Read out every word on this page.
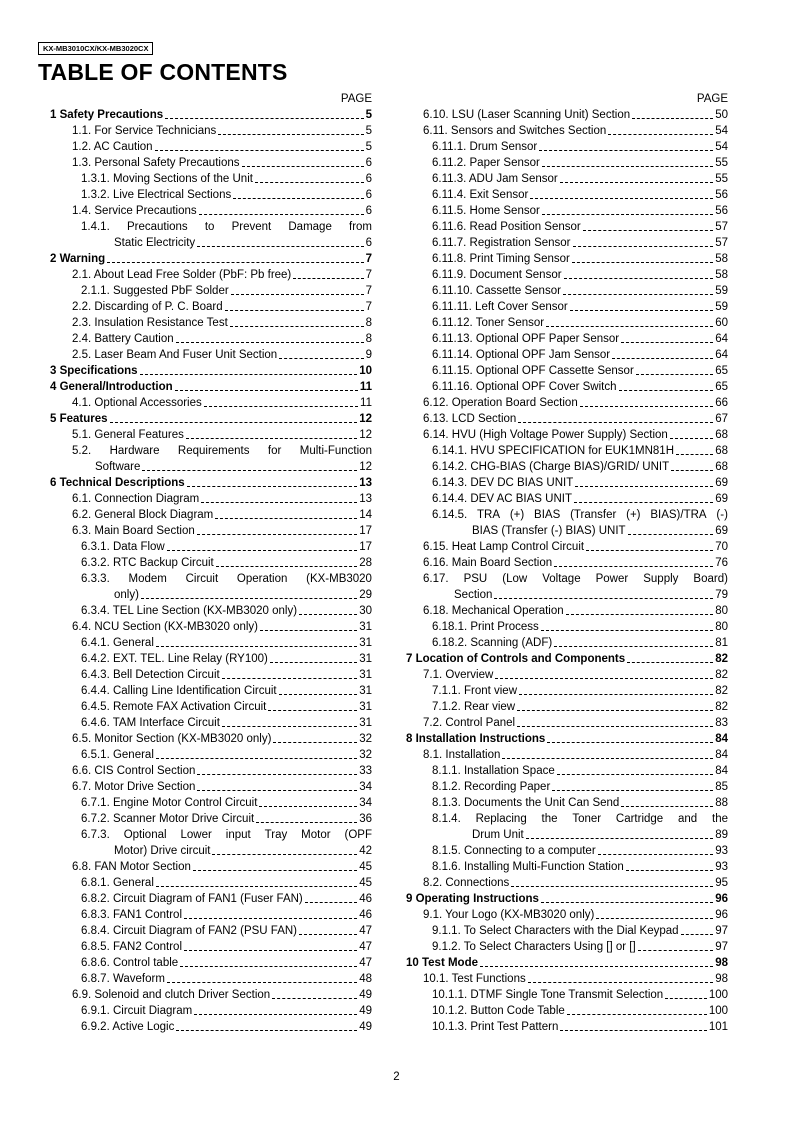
KX-MB3010CX/KX-MB3020CX
TABLE OF CONTENTS
PAGE
1 Safety Precautions	5
1.1. For Service Technicians	5
1.2. AC Caution	5
1.3. Personal Safety Precautions	6
1.3.1. Moving Sections of the Unit	6
1.3.2. Live Electrical Sections	6
1.4. Service Precautions	6
1.4.1. Precautions to Prevent Damage from
Static Electricity	6
2 Warning	7
2.1. About Lead Free Solder (PbF: Pb free)	7
2.1.1. Suggested PbF Solder	7
2.2. Discarding of P. C. Board	7
2.3. Insulation Resistance Test	8
2.4. Battery Caution	8
2.5. Laser Beam And Fuser Unit Section	9
3 Specifications	10
4 General/Introduction	11
4.1. Optional Accessories	11
5 Features	12
5.1. General Features	12
5.2. Hardware Requirements for Multi-Function
Software	12
6 Technical Descriptions	13
6.1. Connection Diagram	13
6.2. General Block Diagram	14
6.3. Main Board Section	17
6.3.1. Data Flow	17
6.3.2. RTC Backup Circuit	28
6.3.3. Modem Circuit Operation (KX-MB3020
only)	29
6.3.4. TEL Line Section (KX-MB3020 only)	30
6.4. NCU Section (KX-MB3020 only)	31
6.4.1. General	31
6.4.2. EXT. TEL. Line Relay (RY100)	31
6.4.3. Bell Detection Circuit	31
6.4.4. Calling Line Identification Circuit	31
6.4.5. Remote FAX Activation Circuit	31
6.4.6. TAM Interface Circuit	31
6.5. Monitor Section (KX-MB3020 only)	32
6.5.1. General	32
6.6. CIS Control Section	33
6.7. Motor Drive Section	34
6.7.1. Engine Motor Control Circuit	34
6.7.2. Scanner Motor Drive Circuit	36
6.7.3. Optional Lower input Tray Motor (OPF
Motor) Drive circuit	42
6.8. FAN Motor Section	45
6.8.1. General	45
6.8.2. Circuit Diagram of FAN1 (Fuser FAN)	46
6.8.3. FAN1 Control	46
6.8.4. Circuit Diagram of FAN2 (PSU FAN)	47
6.8.5. FAN2 Control	47
6.8.6. Control table	47
6.8.7. Waveform	48
6.9. Solenoid and clutch Driver Section	49
6.9.1. Circuit Diagram	49
6.9.2. Active Logic	49
PAGE
6.10. LSU (Laser Scanning Unit) Section	50
6.11. Sensors and Switches Section	54
6.11.1. Drum Sensor	54
6.11.2. Paper Sensor	55
6.11.3. ADU Jam Sensor	55
6.11.4. Exit Sensor	56
6.11.5. Home Sensor	56
6.11.6. Read Position Sensor	57
6.11.7. Registration Sensor	57
6.11.8. Print Timing Sensor	58
6.11.9. Document Sensor	58
6.11.10. Cassette Sensor	59
6.11.11. Left Cover Sensor	59
6.11.12. Toner Sensor	60
6.11.13. Optional OPF Paper Sensor	64
6.11.14. Optional OPF Jam Sensor	64
6.11.15. Optional OPF Cassette Sensor	65
6.11.16. Optional OPF Cover Switch	65
6.12. Operation Board Section	66
6.13. LCD Section	67
6.14. HVU (High Voltage Power Supply) Section	68
6.14.1. HVU SPECIFICATION for EUK1MN81H	68
6.14.2. CHG-BIAS (Charge BIAS)/GRID/ UNIT	68
6.14.3. DEV DC BIAS UNIT	69
6.14.4. DEV AC BIAS UNIT	69
6.14.5. TRA (+) BIAS (Transfer (+) BIAS)/TRA (-)
BIAS (Transfer (-) BIAS) UNIT	69
6.15. Heat Lamp Control Circuit	70
6.16. Main Board Section	76
6.17. PSU (Low Voltage Power Supply Board)
Section	79
6.18. Mechanical Operation	80
6.18.1. Print Process	80
6.18.2. Scanning (ADF)	81
7 Location of Controls and Components	82
7.1. Overview	82
7.1.1. Front view	82
7.1.2. Rear view	82
7.2. Control Panel	83
8 Installation Instructions	84
8.1. Installation	84
8.1.1. Installation Space	84
8.1.2. Recording Paper	85
8.1.3. Documents the Unit Can Send	88
8.1.4. Replacing the Toner Cartridge and the
Drum Unit	89
8.1.5. Connecting to a computer	93
8.1.6. Installing Multi-Function Station	93
8.2. Connections	95
9 Operating Instructions	96
9.1. Your Logo (KX-MB3020 only)	96
9.1.1. To Select Characters with the Dial Keypad	97
9.1.2. To Select Characters Using [] or []	97
10 Test Mode	98
10.1. Test Functions	98
10.1.1. DTMF Single Tone Transmit Selection	100
10.1.2. Button Code Table	100
10.1.3. Print Test Pattern	101
2
